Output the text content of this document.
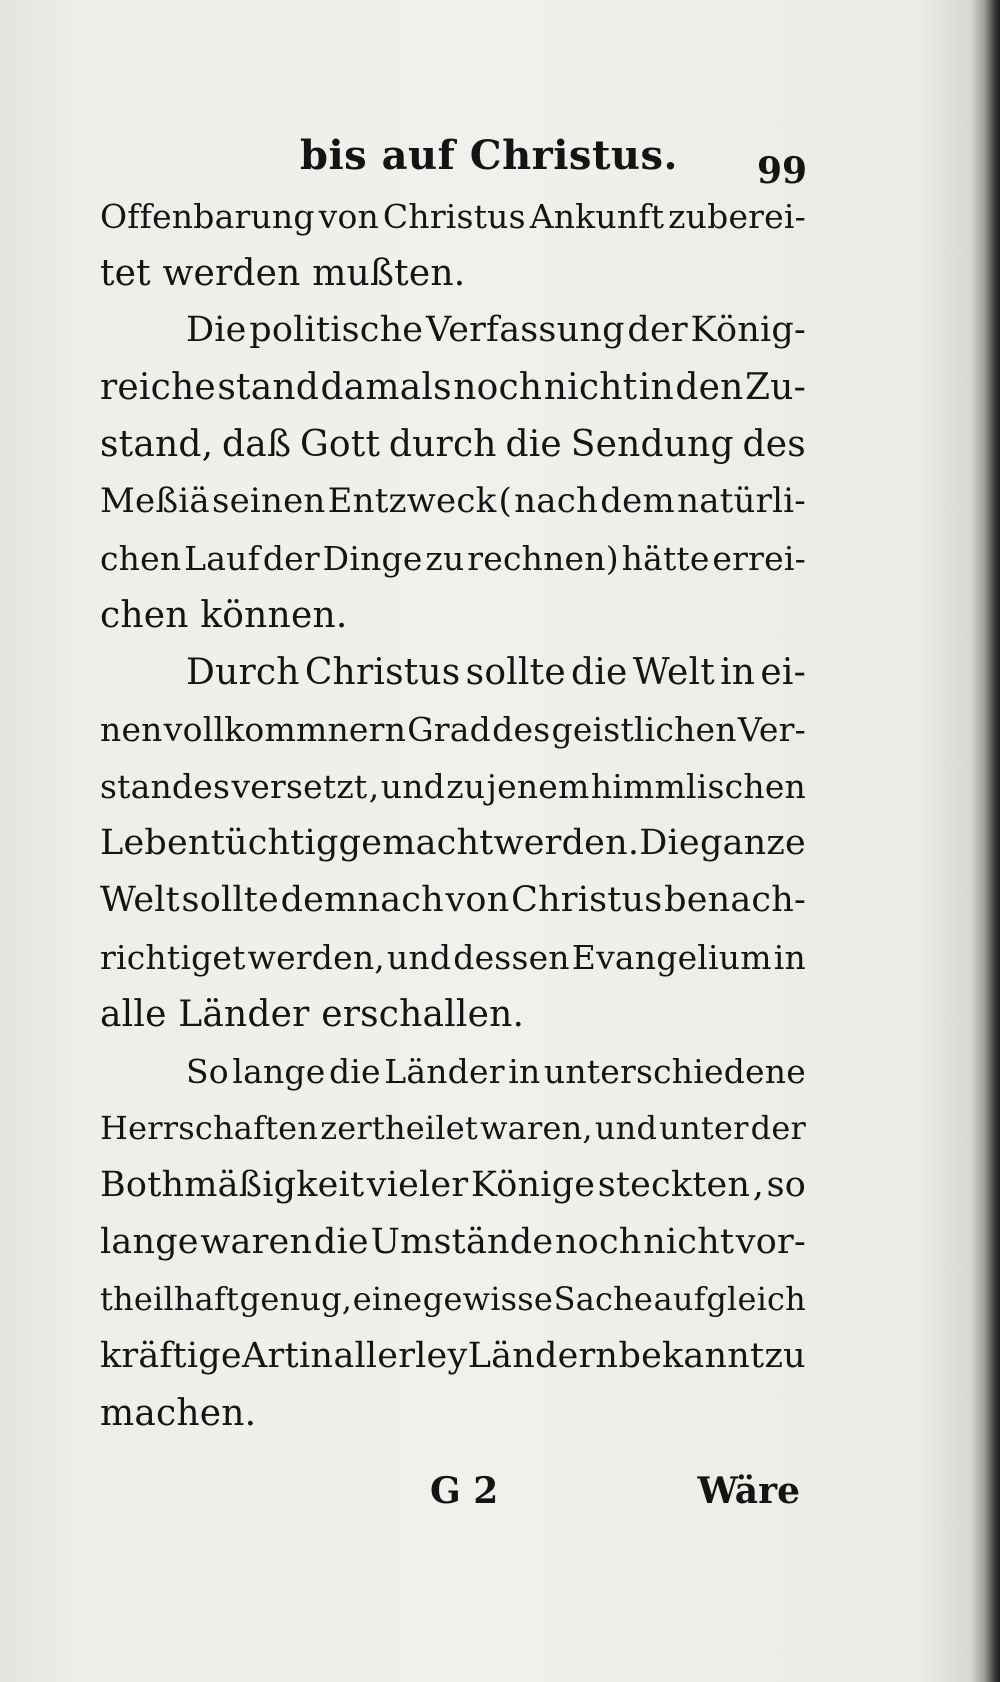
bis auf Christus. 99
Offenbarung von Christus Ankunft zuberei-
tet werden mußten.
Die politische Verfassung der König-
reiche stand damals noch nicht in den Zu-
stand, daß Gott durch die Sendung des
Meßiä seinen Entzweck ( nach dem natürli-
chen Lauf der Dinge zu rechnen) hätte errei-
chen können.
Durch Christus sollte die Welt in ei-
nen vollkommnern Grad des geistlichen Ver-
standes versetzt , und zu jenem himmlischen
Leben tüchtig gemacht werden. Die ganze
Welt sollte demnach von Christus benach-
richtiget werden, und dessen Evangelium in
alle Länder erschallen.
So lange die Länder in unterschiedene
Herrschaften zertheilet waren, und unter der
Bothmäßigkeit vieler Könige steckten , so
lange waren die Umstände noch nicht vor-
theilhaft genug, eine gewisse Sache auf gleich
kräftige Art in allerley Ländern bekannt zu
machen.
G 2	Wäre
